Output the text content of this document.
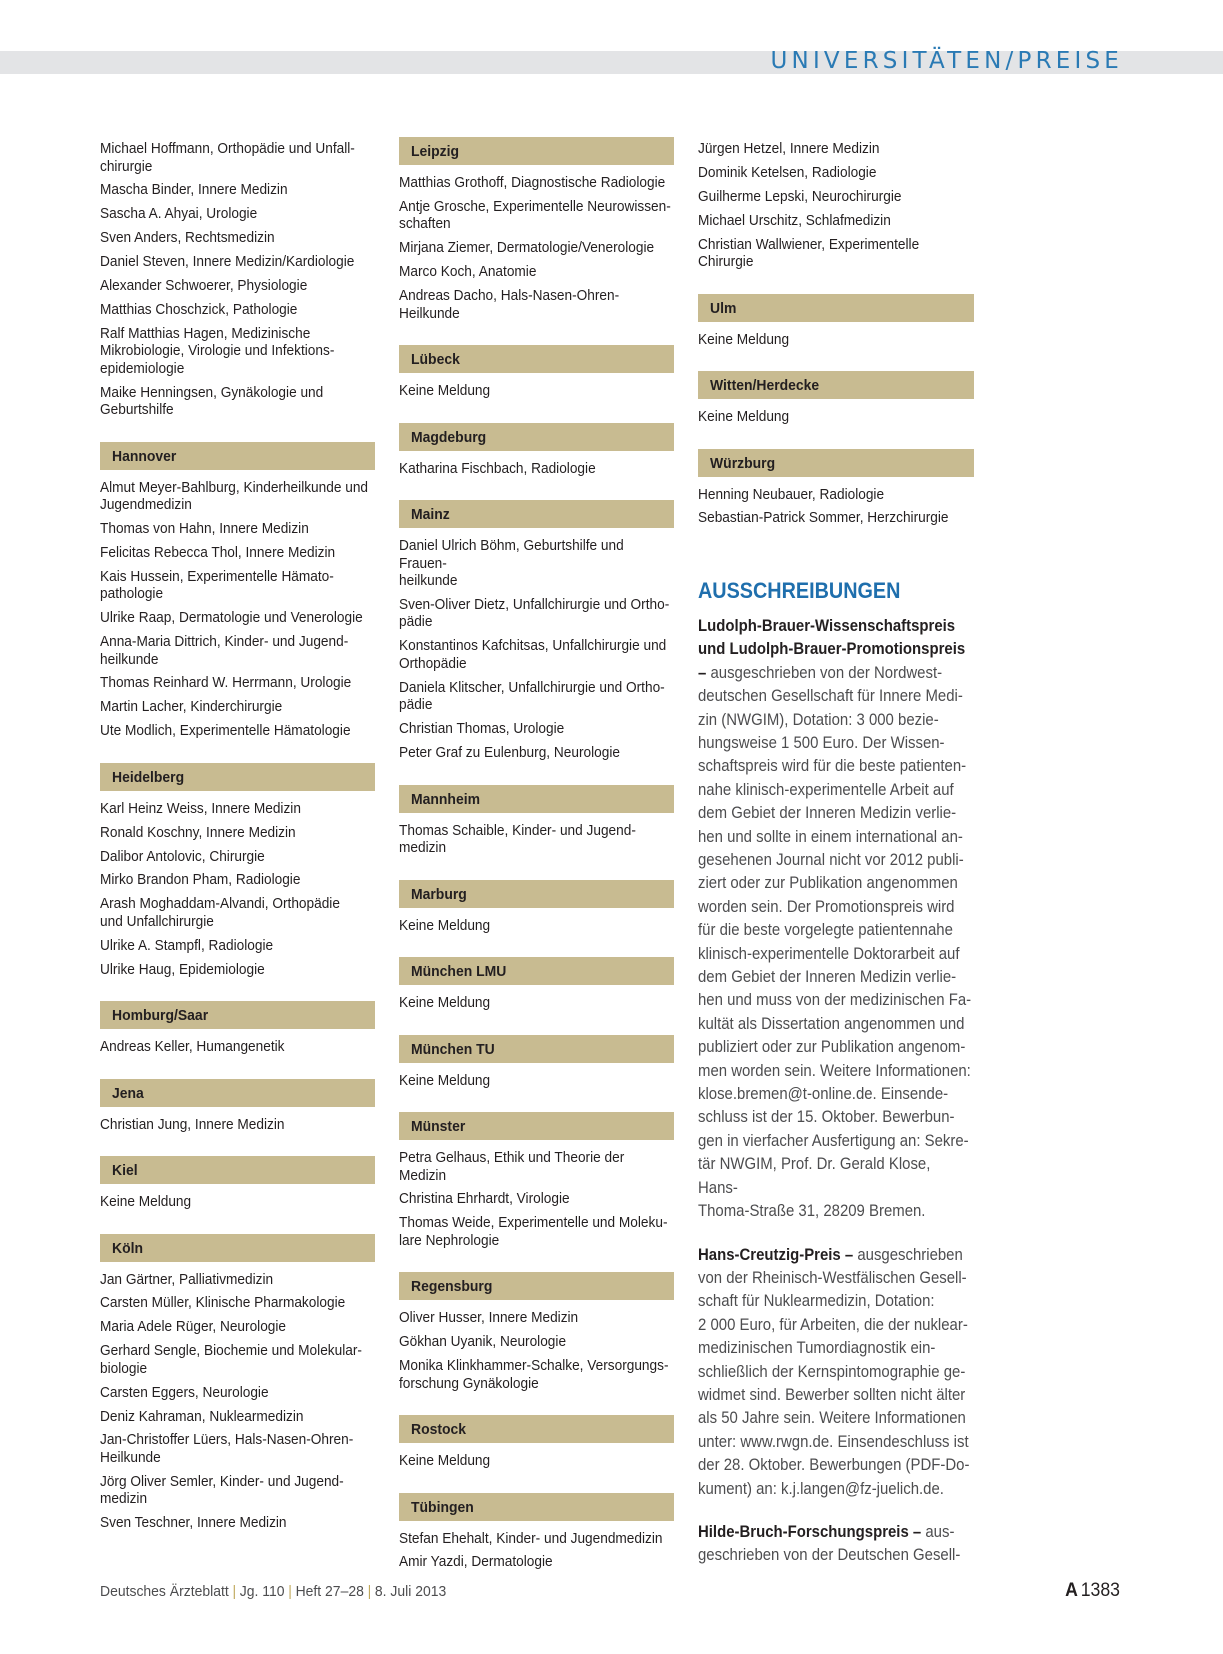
UNIVERSITÄTEN/PREISE
Michael Hoffmann, Orthopädie und Unfall-
chirurgie
Mascha Binder, Innere Medizin
Sascha A. Ahyai, Urologie
Sven Anders, Rechtsmedizin
Daniel Steven, Innere Medizin/Kardiologie
Alexander Schwoerer, Physiologie
Matthias Choschzick, Pathologie
Ralf Matthias Hagen, Medizinische
Mikrobiologie, Virologie und Infektions-
epidemiologie
Maike Henningsen, Gynäkologie und
Geburtshilfe
Hannover
Almut Meyer-Bahlburg, Kinderheilkunde und
Jugendmedizin
Thomas von Hahn, Innere Medizin
Felicitas Rebecca Thol, Innere Medizin
Kais Hussein, Experimentelle Hämato-
pathologie
Ulrike Raap, Dermatologie und Venerologie
Anna-Maria Dittrich, Kinder- und Jugend-
heilkunde
Thomas Reinhard W. Herrmann, Urologie
Martin Lacher, Kinderchirurgie
Ute Modlich, Experimentelle Hämatologie
Heidelberg
Karl Heinz Weiss, Innere Medizin
Ronald Koschny, Innere Medizin
Dalibor Antolovic, Chirurgie
Mirko Brandon Pham, Radiologie
Arash Moghaddam-Alvandi, Orthopädie
und Unfallchirurgie
Ulrike A. Stampfl, Radiologie
Ulrike Haug, Epidemiologie
Homburg/Saar
Andreas Keller, Humangenetik
Jena
Christian Jung, Innere Medizin
Kiel
Keine Meldung
Köln
Jan Gärtner, Palliativmedizin
Carsten Müller, Klinische Pharmakologie
Maria Adele Rüger, Neurologie
Gerhard Sengle, Biochemie und Molekular-
biologie
Carsten Eggers, Neurologie
Deniz Kahraman, Nuklearmedizin
Jan-Christoffer Lüers, Hals-Nasen-Ohren-
Heilkunde
Jörg Oliver Semler, Kinder- und Jugend-
medizin
Sven Teschner, Innere Medizin
Leipzig
Matthias Grothoff, Diagnostische Radiologie
Antje Grosche, Experimentelle Neurowissen-
schaften
Mirjana Ziemer, Dermatologie/Venerologie
Marco Koch, Anatomie
Andreas Dacho, Hals-Nasen-Ohren-Heilkunde
Lübeck
Keine Meldung
Magdeburg
Katharina Fischbach, Radiologie
Mainz
Daniel Ulrich Böhm, Geburtshilfe und Frauen-
heilkunde
Sven-Oliver Dietz, Unfallchirurgie und Ortho-
pädie
Konstantinos Kafchitsas, Unfallchirurgie und
Orthopädie
Daniela Klitscher, Unfallchirurgie und Ortho-
pädie
Christian Thomas, Urologie
Peter Graf zu Eulenburg, Neurologie
Mannheim
Thomas Schaible, Kinder- und Jugend-
medizin
Marburg
Keine Meldung
München LMU
Keine Meldung
München TU
Keine Meldung
Münster
Petra Gelhaus, Ethik und Theorie der Medizin
Christina Ehrhardt, Virologie
Thomas Weide, Experimentelle und Moleku-
lare Nephrologie
Regensburg
Oliver Husser, Innere Medizin
Gökhan Uyanik, Neurologie
Monika Klinkhammer-Schalke, Versorgungs-
forschung Gynäkologie
Rostock
Keine Meldung
Tübingen
Stefan Ehehalt, Kinder- und Jugendmedizin
Amir Yazdi, Dermatologie
Jürgen Hetzel, Innere Medizin
Dominik Ketelsen, Radiologie
Guilherme Lepski, Neurochirurgie
Michael Urschitz, Schlafmedizin
Christian Wallwiener, Experimentelle Chirurgie
Ulm
Keine Meldung
Witten/Herdecke
Keine Meldung
Würzburg
Henning Neubauer, Radiologie
Sebastian-Patrick Sommer, Herzchirurgie
AUSSCHREIBUNGEN
Ludolph-Brauer-Wissenschaftspreis
und Ludolph-Brauer-Promotionspreis
– ausgeschrieben von der Nordwest-
deutschen Gesellschaft für Innere Medi-
zin (NWGIM), Dotation: 3 000 bezie-
hungsweise 1 500 Euro. Der Wissen-
schaftspreis wird für die beste patienten-
nahe klinisch-experimentelle Arbeit auf
dem Gebiet der Inneren Medizin verlie-
hen und sollte in einem international an-
gesehenen Journal nicht vor 2012 publi-
ziert oder zur Publikation angenommen
worden sein. Der Promotionspreis wird
für die beste vorgelegte patientennahe
klinisch-experimentelle Doktorarbeit auf
dem Gebiet der Inneren Medizin verlie-
hen und muss von der medizinischen Fa-
kultät als Dissertation angenommen und
publiziert oder zur Publikation angenom-
men worden sein. Weitere Informationen:
klose.bremen@t-online.de. Einsende-
schluss ist der 15. Oktober. Bewerbun-
gen in vierfacher Ausfertigung an: Sekre-
tär NWGIM, Prof. Dr. Gerald Klose, Hans-
Thoma-Straße 31, 28209 Bremen.
Hans-Creutzig-Preis – ausgeschrieben
von der Rheinisch-Westfälischen Gesell-
schaft für Nuklearmedizin, Dotation:
2 000 Euro, für Arbeiten, die der nuklear-
medizinischen Tumordiagnostik ein-
schließlich der Kernspintomographie ge-
widmet sind. Bewerber sollten nicht älter
als 50 Jahre sein. Weitere Informationen
unter: www.rwgn.de. Einsendeschluss ist
der 28. Oktober. Bewerbungen (PDF-Do-
kument) an: k.j.langen@fz-juelich.de.
Hilde-Bruch-Forschungspreis – aus-
geschrieben von der Deutschen Gesell-
Deutsches Ärzteblatt | Jg. 110 | Heft 27–28 | 8. Juli 2013	A 1383
